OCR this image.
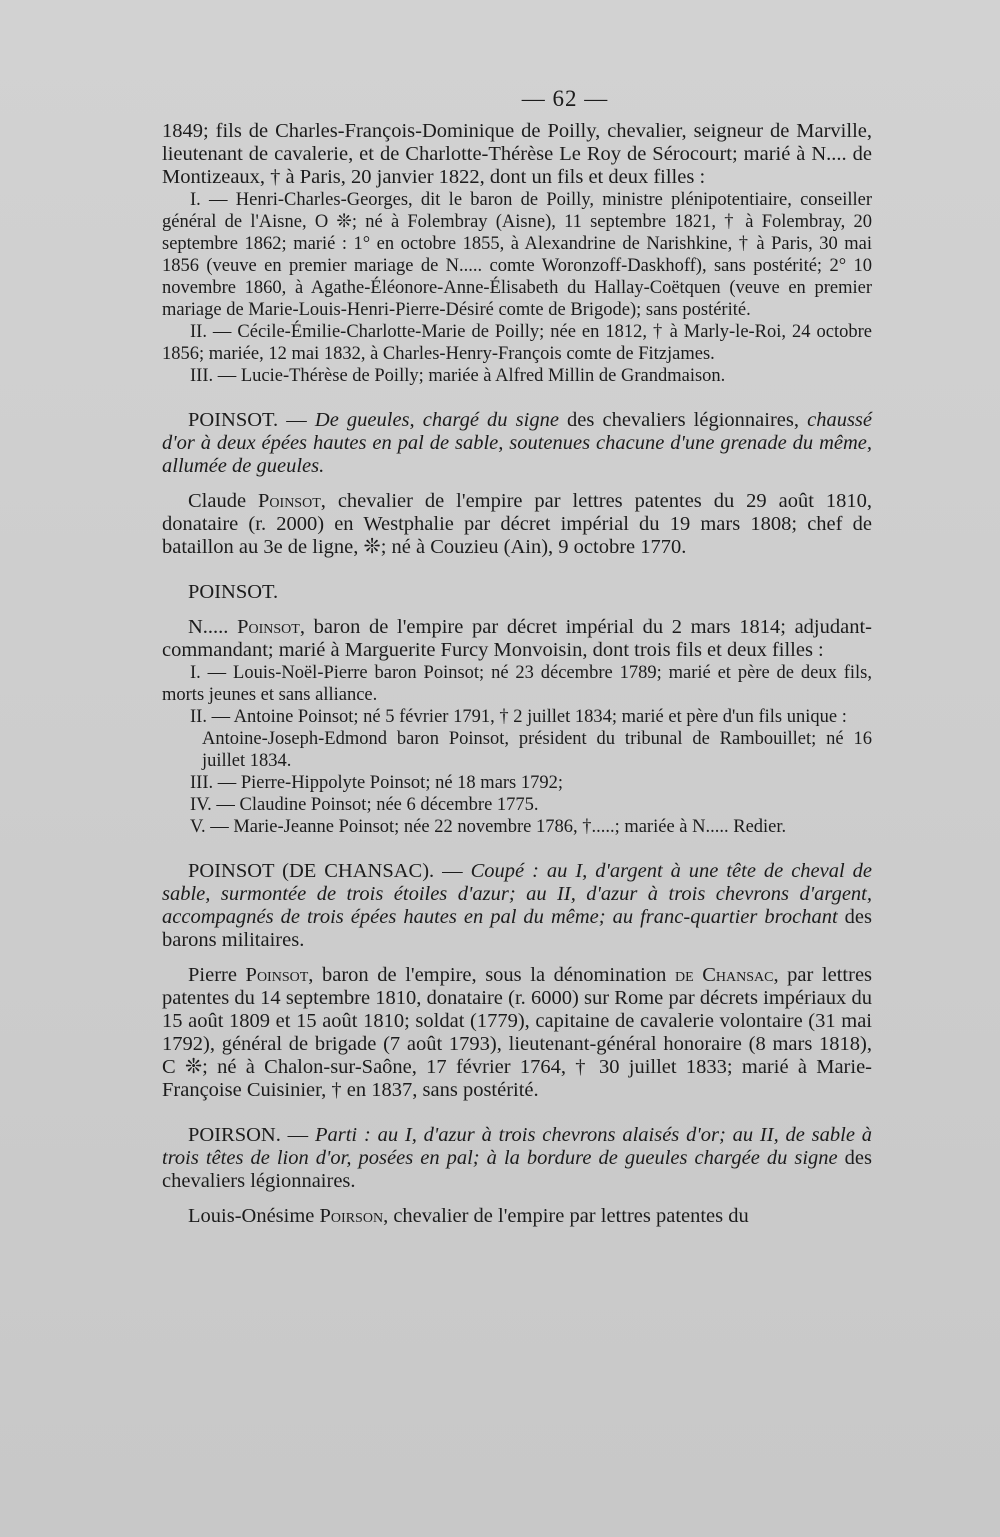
— 62 —

1849; fils de Charles-François-Dominique de Poilly, chevalier, seigneur de Marville, lieutenant de cavalerie, et de Charlotte-Thérèse Le Roy de Sérocourt; marié à N.... de Montizeaux, † à Paris, 20 janvier 1822, dont un fils et deux filles :

I. — Henri-Charles-Georges, dit le baron de Poilly, ministre plénipotentiaire, conseiller général de l'Aisne, O ❊; né à Folembray (Aisne), 11 septembre 1821, † à Folembray, 20 septembre 1862; marié : 1° en octobre 1855, à Alexandrine de Narishkine, † à Paris, 30 mai 1856 (veuve en premier mariage de N..... comte Woronzoff-Daskhoff), sans postérité; 2° 10 novembre 1860, à Agathe-Éléonore-Anne-Élisabeth du Hallay-Coëtquen (veuve en premier mariage de Marie-Louis-Henri-Pierre-Désiré comte de Brigode); sans postérité.

II. — Cécile-Émilie-Charlotte-Marie de Poilly; née en 1812, † à Marly-le-Roi, 24 octobre 1856; mariée, 12 mai 1832, à Charles-Henry-François comte de Fitzjames.

III. — Lucie-Thérèse de Poilly; mariée à Alfred Millin de Grandmaison.

POINSOT. — De gueules, chargé du signe des chevaliers légionnaires, chaussé d'or à deux épées hautes en pal de sable, soutenues chacune d'une grenade du même, allumée de gueules.

Claude Poinsot, chevalier de l'empire par lettres patentes du 29 août 1810, donataire (r. 2000) en Westphalie par décret impérial du 19 mars 1808; chef de bataillon au 3e de ligne, ❊; né à Couzieu (Ain), 9 octobre 1770.

POINSOT.

N..... Poinsot, baron de l'empire par décret impérial du 2 mars 1814; adjudant-commandant; marié à Marguerite Furcy Monvoisin, dont trois fils et deux filles :

I. — Louis-Noël-Pierre baron Poinsot; né 23 décembre 1789; marié et père de deux fils, morts jeunes et sans alliance.

II. — Antoine Poinsot; né 5 février 1791, † 2 juillet 1834; marié et père d'un fils unique :

Antoine-Joseph-Edmond baron Poinsot, président du tribunal de Rambouillet; né 16 juillet 1834.

III. — Pierre-Hippolyte Poinsot; né 18 mars 1792;

IV. — Claudine Poinsot; née 6 décembre 1775.

V. — Marie-Jeanne Poinsot; née 22 novembre 1786, †.....; mariée à N..... Redier.

POINSOT (DE CHANSAC). — Coupé : au I, d'argent à une tête de cheval de sable, surmontée de trois étoiles d'azur; au II, d'azur à trois chevrons d'argent, accompagnés de trois épées hautes en pal du même; au franc-quartier brochant des barons militaires.

Pierre Poinsot, baron de l'empire, sous la dénomination de Chansac, par lettres patentes du 14 septembre 1810, donataire (r. 6000) sur Rome par décrets impériaux du 15 août 1809 et 15 août 1810; soldat (1779), capitaine de cavalerie volontaire (31 mai 1792), général de brigade (7 août 1793), lieutenant-général honoraire (8 mars 1818), C ❊; né à Chalon-sur-Saône, 17 février 1764, † 30 juillet 1833; marié à Marie-Françoise Cuisinier, † en 1837, sans postérité.

POIRSON. — Parti : au I, d'azur à trois chevrons alaisés d'or; au II, de sable à trois têtes de lion d'or, posées en pal; à la bordure de gueules chargée du signe des chevaliers légionnaires.

Louis-Onésime Poirson, chevalier de l'empire par lettres patentes du
